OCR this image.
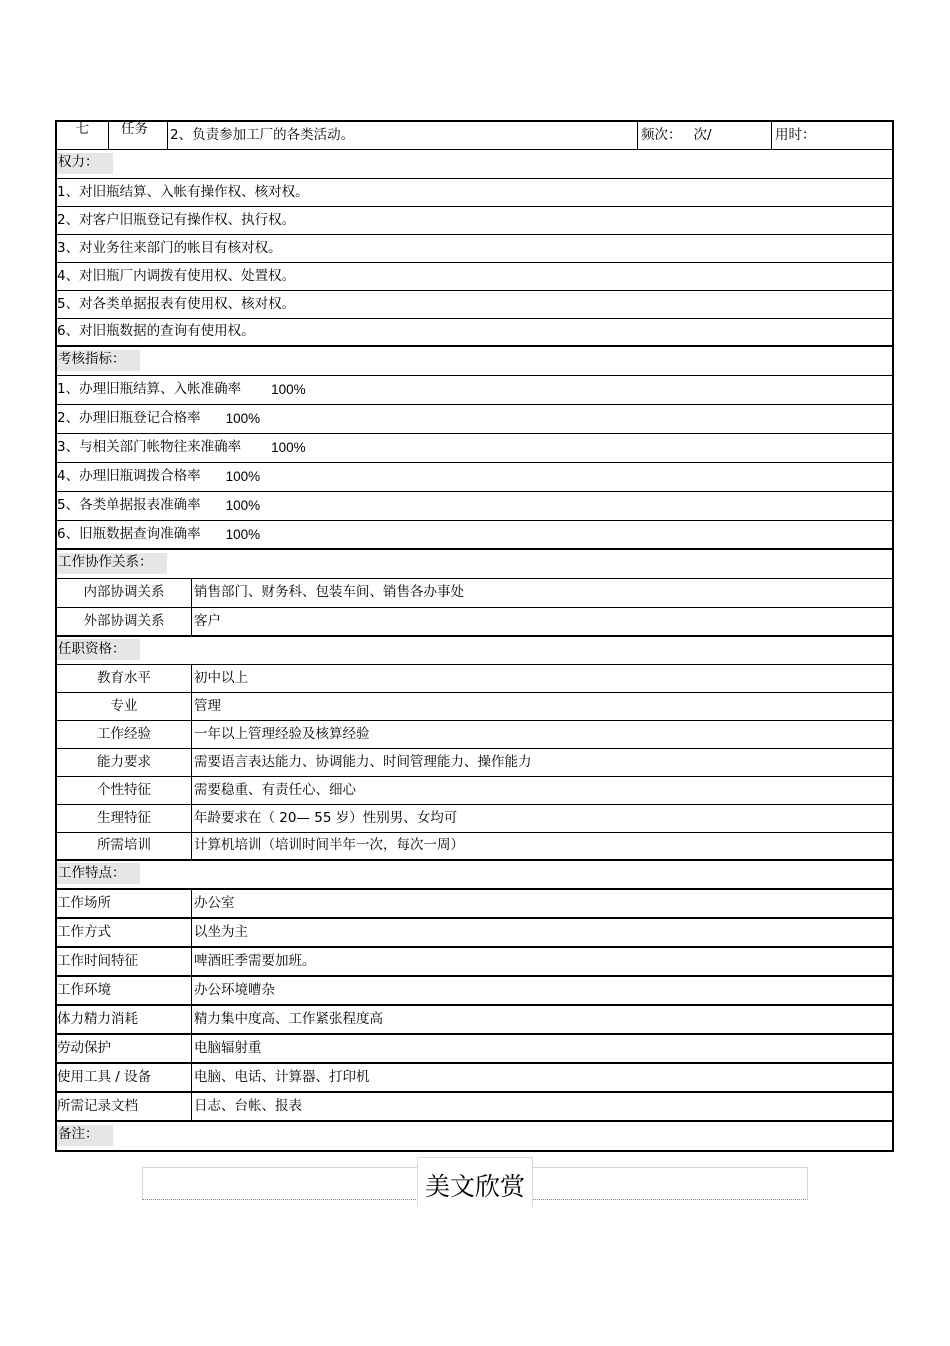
七	任务	2、负责参加工厂的各类活动。	频次： 次/	用时：
权力：
1、对旧瓶结算、入帐有操作权、核对权。
2、对客户旧瓶登记有操作权、执行权。
3、对业务往来部门的帐目有核对权。
4、对旧瓶厂内调拨有使用权、处置权。
5、对各类单据报表有使用权、核对权。
6、对旧瓶数据的查询有使用权。
考核指标：
1、办理旧瓶结算、入帐准确率 100%
2、办理旧瓶登记合格率 100%
3、与相关部门帐物往来准确率 100%
4、办理旧瓶调拨合格率 100%
5、各类单据报表准确率 100%
6、旧瓶数据查询准确率 100%
工作协作关系：
内部协调关系	销售部门、财务科、包装车间、销售各办事处
外部协调关系	客户
任职资格：
教育水平	初中以上
专业	管理
工作经验	一年以上管理经验及核算经验
能力要求	需要语言表达能力、协调能力、时间管理能力、操作能力
个性特征	需要稳重、有责任心、细心
生理特征	年龄要求在（ 20— 55 岁）性别男、女均可
所需培训	计算机培训（培训时间半年一次，每次一周）
工作特点：
工作场所	办公室
工作方式	以坐为主
工作时间特征	啤酒旺季需要加班。
工作环境	办公环境嘈杂
体力精力消耗	精力集中度高、工作紧张程度高
劳动保护	电脑辐射重
使用工具 / 设备	电脑、电话、计算器、打印机
所需记录文档	日志、台帐、报表
备注：
美文欣赏
